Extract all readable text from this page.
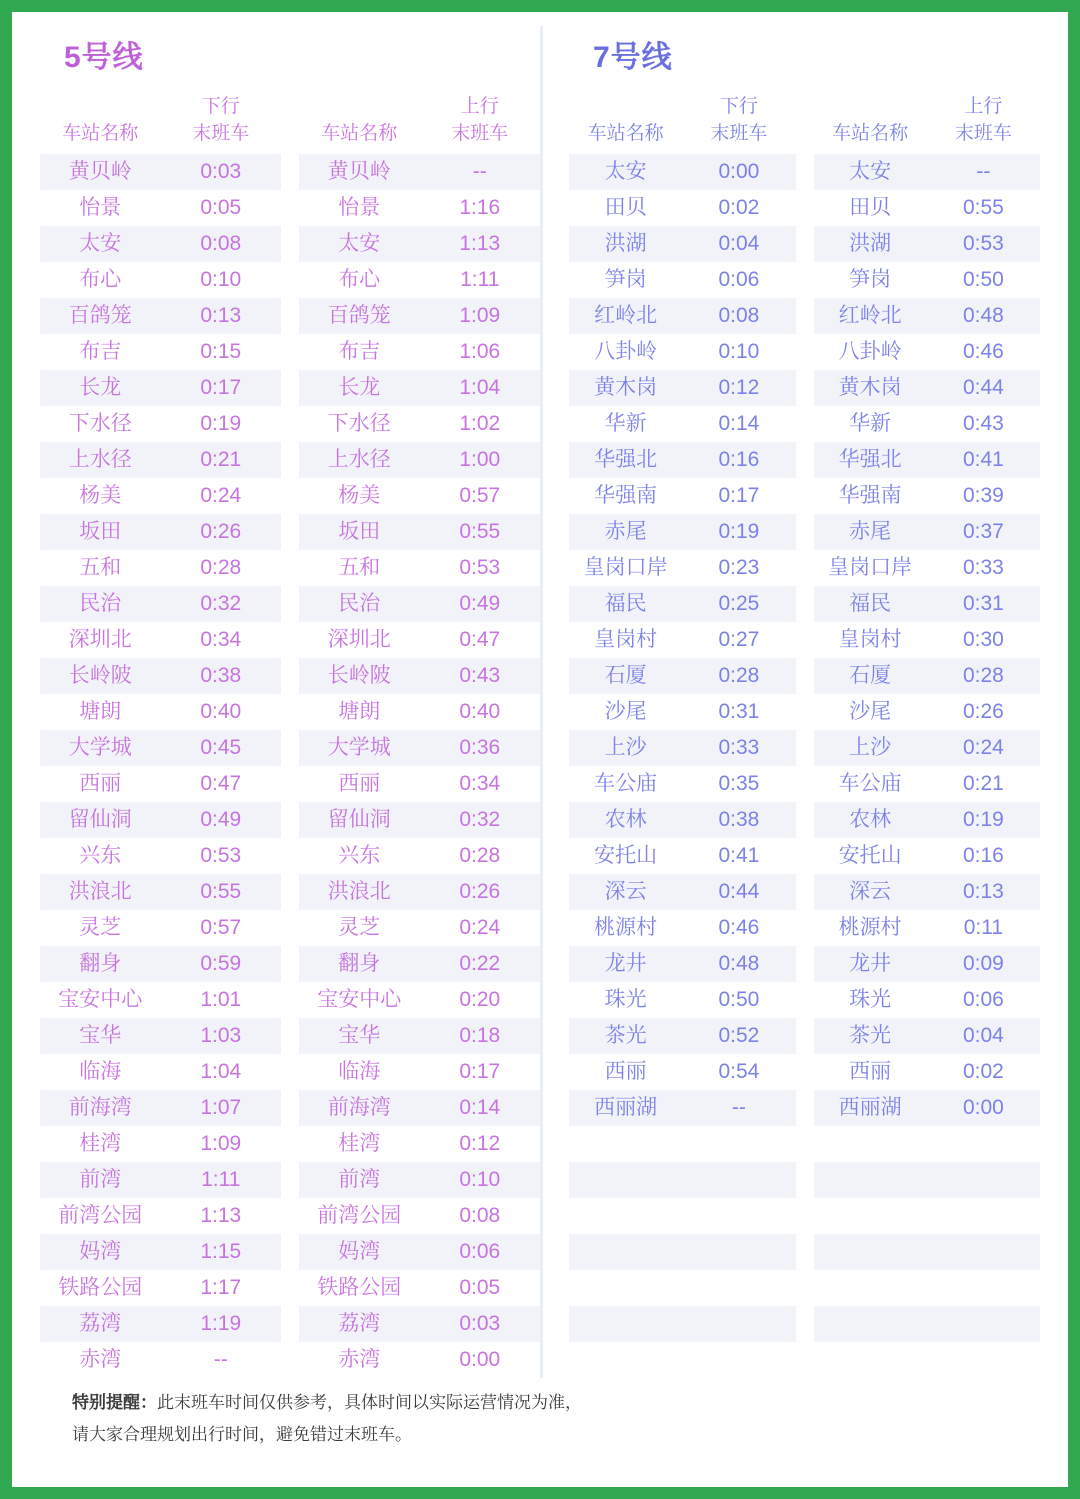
5号线
	下行			上行
车站名称	末班车		车站名称	末班车
黄贝岭	0:03		黄贝岭	--
怡景	0:05		怡景	1:16
太安	0:08		太安	1:13
布心	0:10		布心	1:11
百鸽笼	0:13		百鸽笼	1:09
布吉	0:15		布吉	1:06
长龙	0:17		长龙	1:04
下水径	0:19		下水径	1:02
上水径	0:21		上水径	1:00
杨美	0:24		杨美	0:57
坂田	0:26		坂田	0:55
五和	0:28		五和	0:53
民治	0:32		民治	0:49
深圳北	0:34		深圳北	0:47
长岭陂	0:38		长岭陂	0:43
塘朗	0:40		塘朗	0:40
大学城	0:45		大学城	0:36
西丽	0:47		西丽	0:34
留仙洞	0:49		留仙洞	0:32
兴东	0:53		兴东	0:28
洪浪北	0:55		洪浪北	0:26
灵芝	0:57		灵芝	0:24
翻身	0:59		翻身	0:22
宝安中心	1:01		宝安中心	0:20
宝华	1:03		宝华	0:18
临海	1:04		临海	0:17
前海湾	1:07		前海湾	0:14
桂湾	1:09		桂湾	0:12
前湾	1:11		前湾	0:10
前湾公园	1:13		前湾公园	0:08
妈湾	1:15		妈湾	0:06
铁路公园	1:17		铁路公园	0:05
荔湾	1:19		荔湾	0:03
赤湾	--		赤湾	0:00
7号线
	下行			上行
车站名称	末班车		车站名称	末班车
太安	0:00		太安	--
田贝	0:02		田贝	0:55
洪湖	0:04		洪湖	0:53
笋岗	0:06		笋岗	0:50
红岭北	0:08		红岭北	0:48
八卦岭	0:10		八卦岭	0:46
黄木岗	0:12		黄木岗	0:44
华新	0:14		华新	0:43
华强北	0:16		华强北	0:41
华强南	0:17		华强南	0:39
赤尾	0:19		赤尾	0:37
皇岗口岸	0:23		皇岗口岸	0:33
福民	0:25		福民	0:31
皇岗村	0:27		皇岗村	0:30
石厦	0:28		石厦	0:28
沙尾	0:31		沙尾	0:26
上沙	0:33		上沙	0:24
车公庙	0:35		车公庙	0:21
农林	0:38		农林	0:19
安托山	0:41		安托山	0:16
深云	0:44		深云	0:13
桃源村	0:46		桃源村	0:11
龙井	0:48		龙井	0:09
珠光	0:50		珠光	0:06
茶光	0:52		茶光	0:04
西丽	0:54		西丽	0:02
西丽湖	--		西丽湖	0:00

特别提醒：此末班车时间仅供参考，具体时间以实际运营情况为准，
请大家合理规划出行时间，避免错过末班车。
